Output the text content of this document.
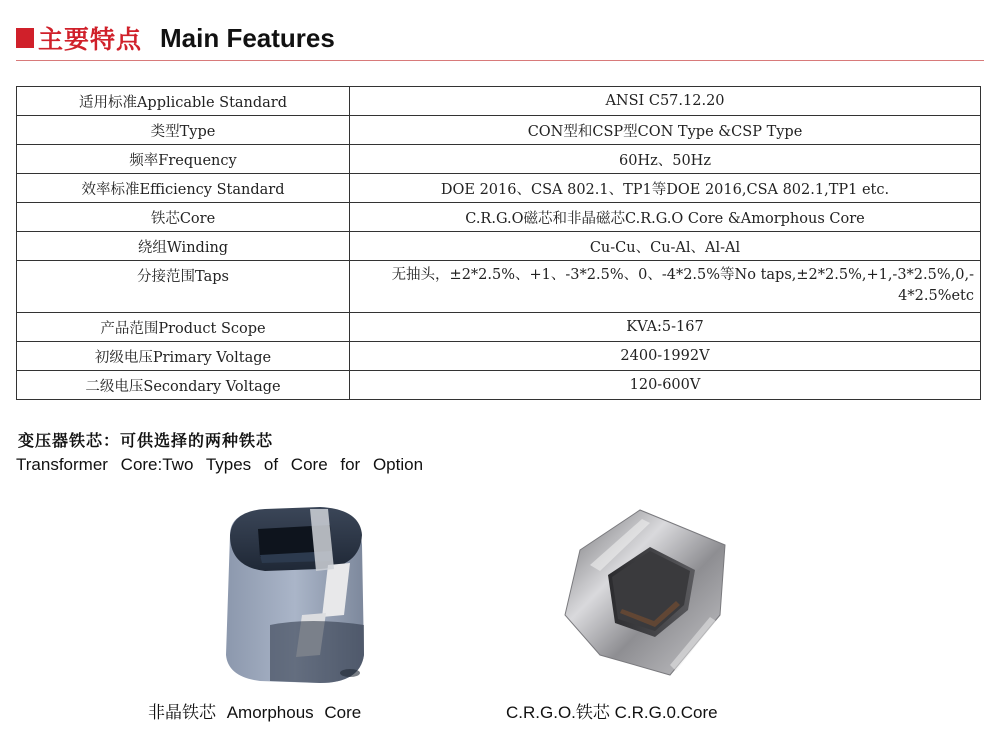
主要特点 Main Features
适用标准Applicable Standard	ANSI C57.12.20
类型Type	CON型和CSP型CON Type &CSP Type
频率Frequency	60Hz、50Hz
效率标准Efficiency Standard	DOE 2016、CSA 802.1、TP1等DOE 2016,CSA 802.1,TP1 etc.
铁芯Core	C.R.G.O磁芯和非晶磁芯C.R.G.O Core &Amorphous Core
绕组Winding	Cu-Cu、Cu-Al、Al-Al
分接范围Taps	无抽头，±2*2.5%、+1、-3*2.5%、0、-4*2.5%等No taps,±2*2.5%,+1,-3*2.5%,0,-
4*2.5%etc

产品范围Product Scope	KVA:5-167
初级电压Primary Voltage	2400-1992V
二级电压Secondary Voltage	120-600V
变压器铁芯：可供选择的两种铁芯
Transformer Core:Two Types of Core for Option
非晶铁芯 Amorphous Core	C.R.G.O.铁芯 C.R.G.0.Core
